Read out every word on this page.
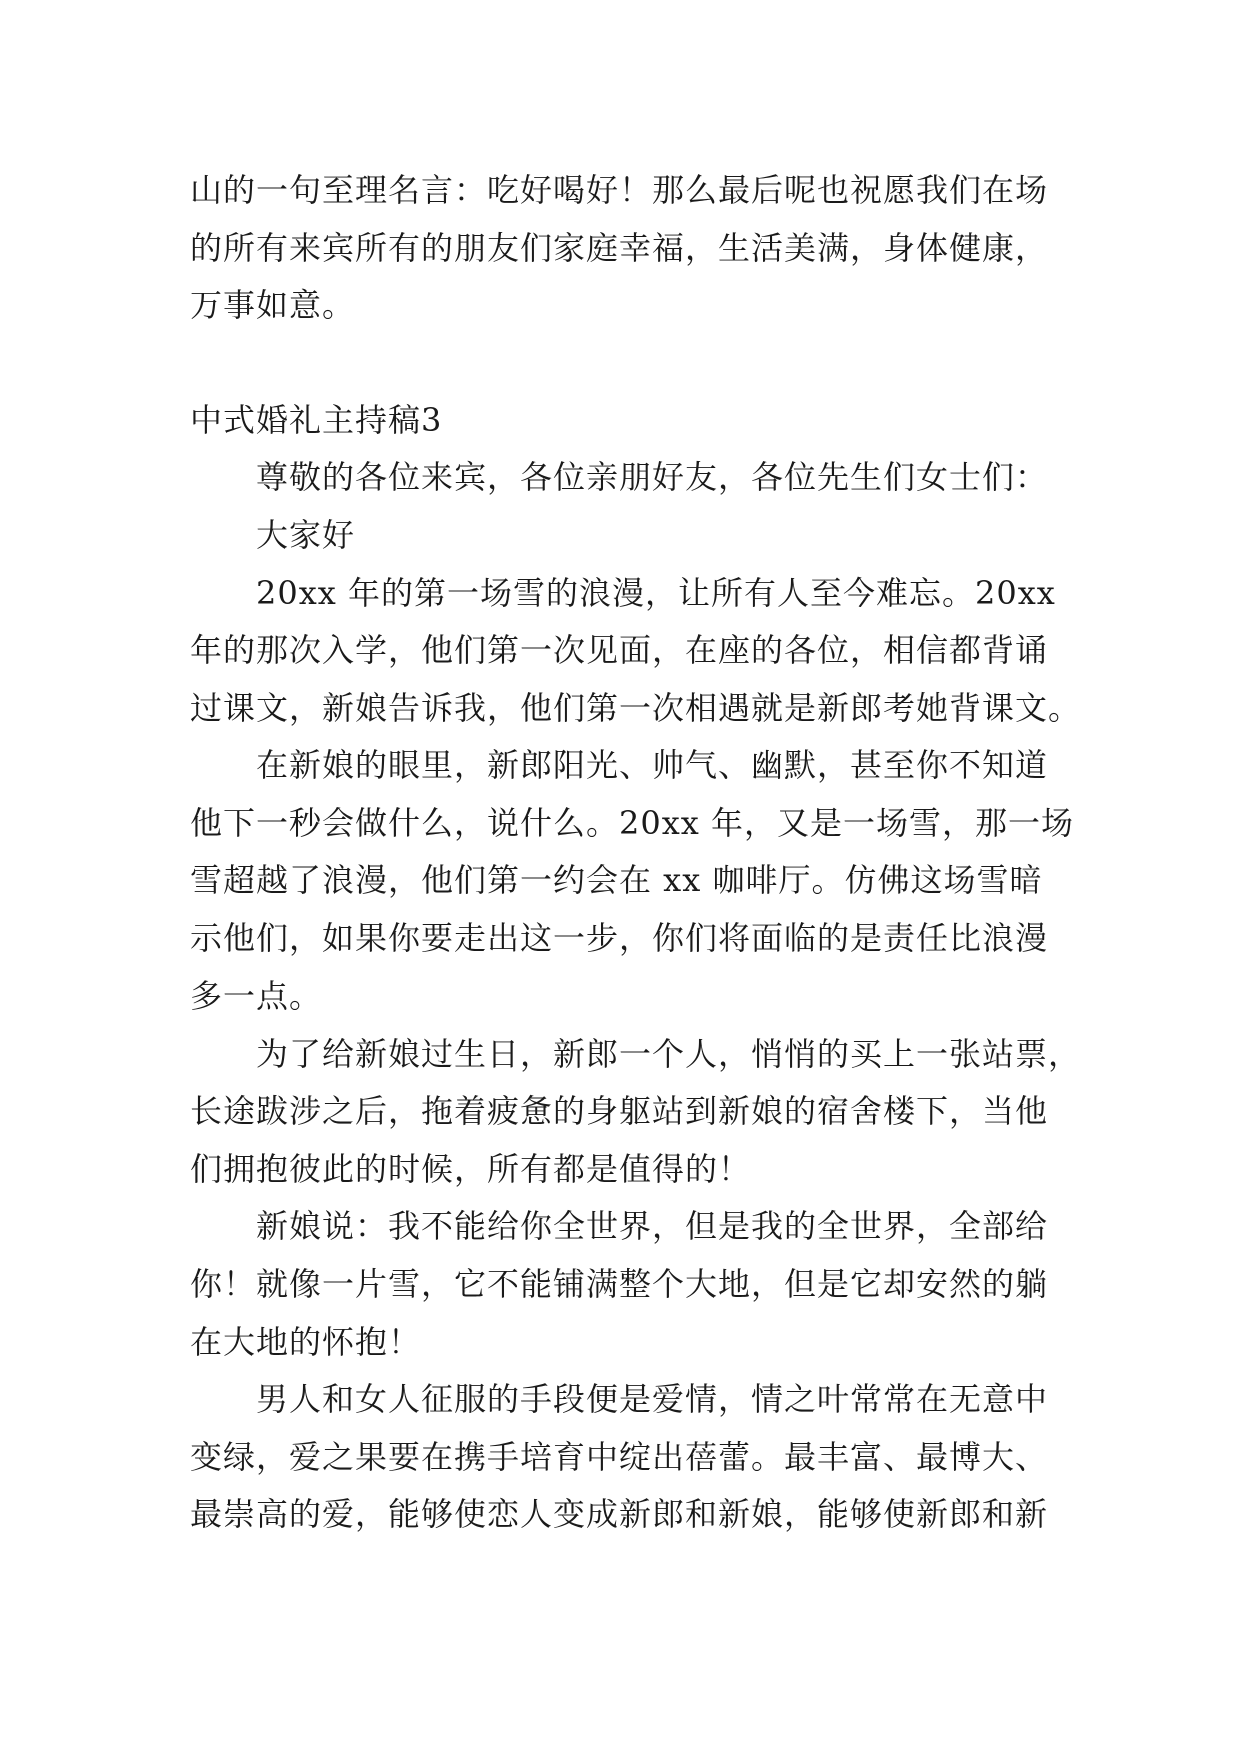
山的一句至理名言：吃好喝好！那么最后呢也祝愿我们在场
的所有来宾所有的朋友们家庭幸福，生活美满，身体健康，
万事如意。
中式婚礼主持稿3
尊敬的各位来宾，各位亲朋好友，各位先生们女士们：
大家好
20xx 年的第一场雪的浪漫，让所有人至今难忘。20xx
年的那次入学，他们第一次见面，在座的各位，相信都背诵
过课文，新娘告诉我，他们第一次相遇就是新郎考她背课文。
在新娘的眼里，新郎阳光、帅气、幽默，甚至你不知道
他下一秒会做什么，说什么。20xx 年，又是一场雪，那一场
雪超越了浪漫，他们第一约会在 xx 咖啡厅。仿佛这场雪暗
示他们，如果你要走出这一步，你们将面临的是责任比浪漫
多一点。
为了给新娘过生日，新郎一个人，悄悄的买上一张站票，
长途跋涉之后，拖着疲惫的身躯站到新娘的宿舍楼下，当他
们拥抱彼此的时候，所有都是值得的！
新娘说：我不能给你全世界，但是我的全世界，全部给
你！就像一片雪，它不能铺满整个大地，但是它却安然的躺
在大地的怀抱！
男人和女人征服的手段便是爱情，情之叶常常在无意中
变绿，爱之果要在携手培育中绽出蓓蕾。最丰富、最博大、
最崇高的爱，能够使恋人变成新郎和新娘，能够使新郎和新
